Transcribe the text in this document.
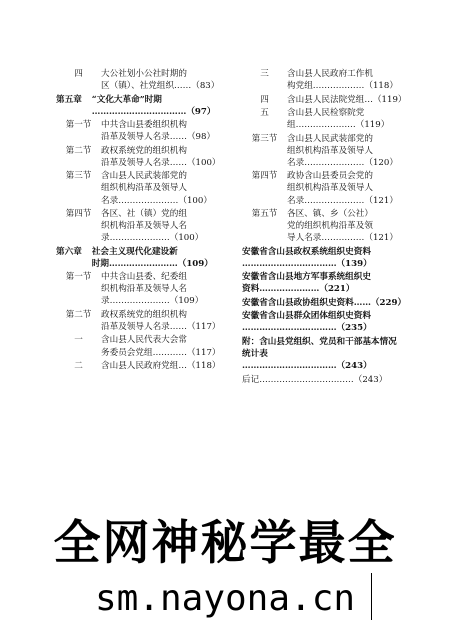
四	大公社划小公社时期的
区（镇）、社党组织……（83）
第五章 “文化大革命”时期
……………………………（97）
第一节	中共含山县委组织机构
沿革及领导人名录……（98）
第二节	政权系统党的组织机构
沿革及领导人名录……（100）
第三节	含山县人民武装部党的
组织机构沿革及领导人
名录…………………（100）
第四节	各区、社（镇）党的组
织机构沿革及领导人名
录…………………（100）
第六章 社会主义现代化建设新
时期……………………（109）
第一节	中共含山县委、纪委组
织机构沿革及领导人名
录…………………（109）
第二节	政权系统党的组织机构
沿革及领导人名录……（117）
一	含山县人民代表大会常
务委员会党组…………（117）
二	含山县人民政府党组…（118）
三	含山县人民政府工作机
构党组………………（118）
四	含山县人民法院党组…（119）
五	含山县人民检察院党
组…………………（119）
第三节	含山县人民武装部党的
组织机构沿革及领导人
名录…………………（120）
第四节	政协含山县委员会党的
组织机构沿革及领导人
名录…………………（121）
第五节	各区、镇、乡（公社）
党的组织机构沿革及领
导人名录……………（121）
安徽省含山县政权系统组织史资料
……………………………（139）
安徽省含山县地方军事系统组织史
资料…………………（221）
安徽省含山县政协组织史资料……（229）
安徽省含山县群众团体组织史资料
……………………………（235）
附：含山县党组织、党员和干部基本情况
统计表
……………………………（243）
后记……………………………（243）
全网神秘学最全
sm.nayona.cn
